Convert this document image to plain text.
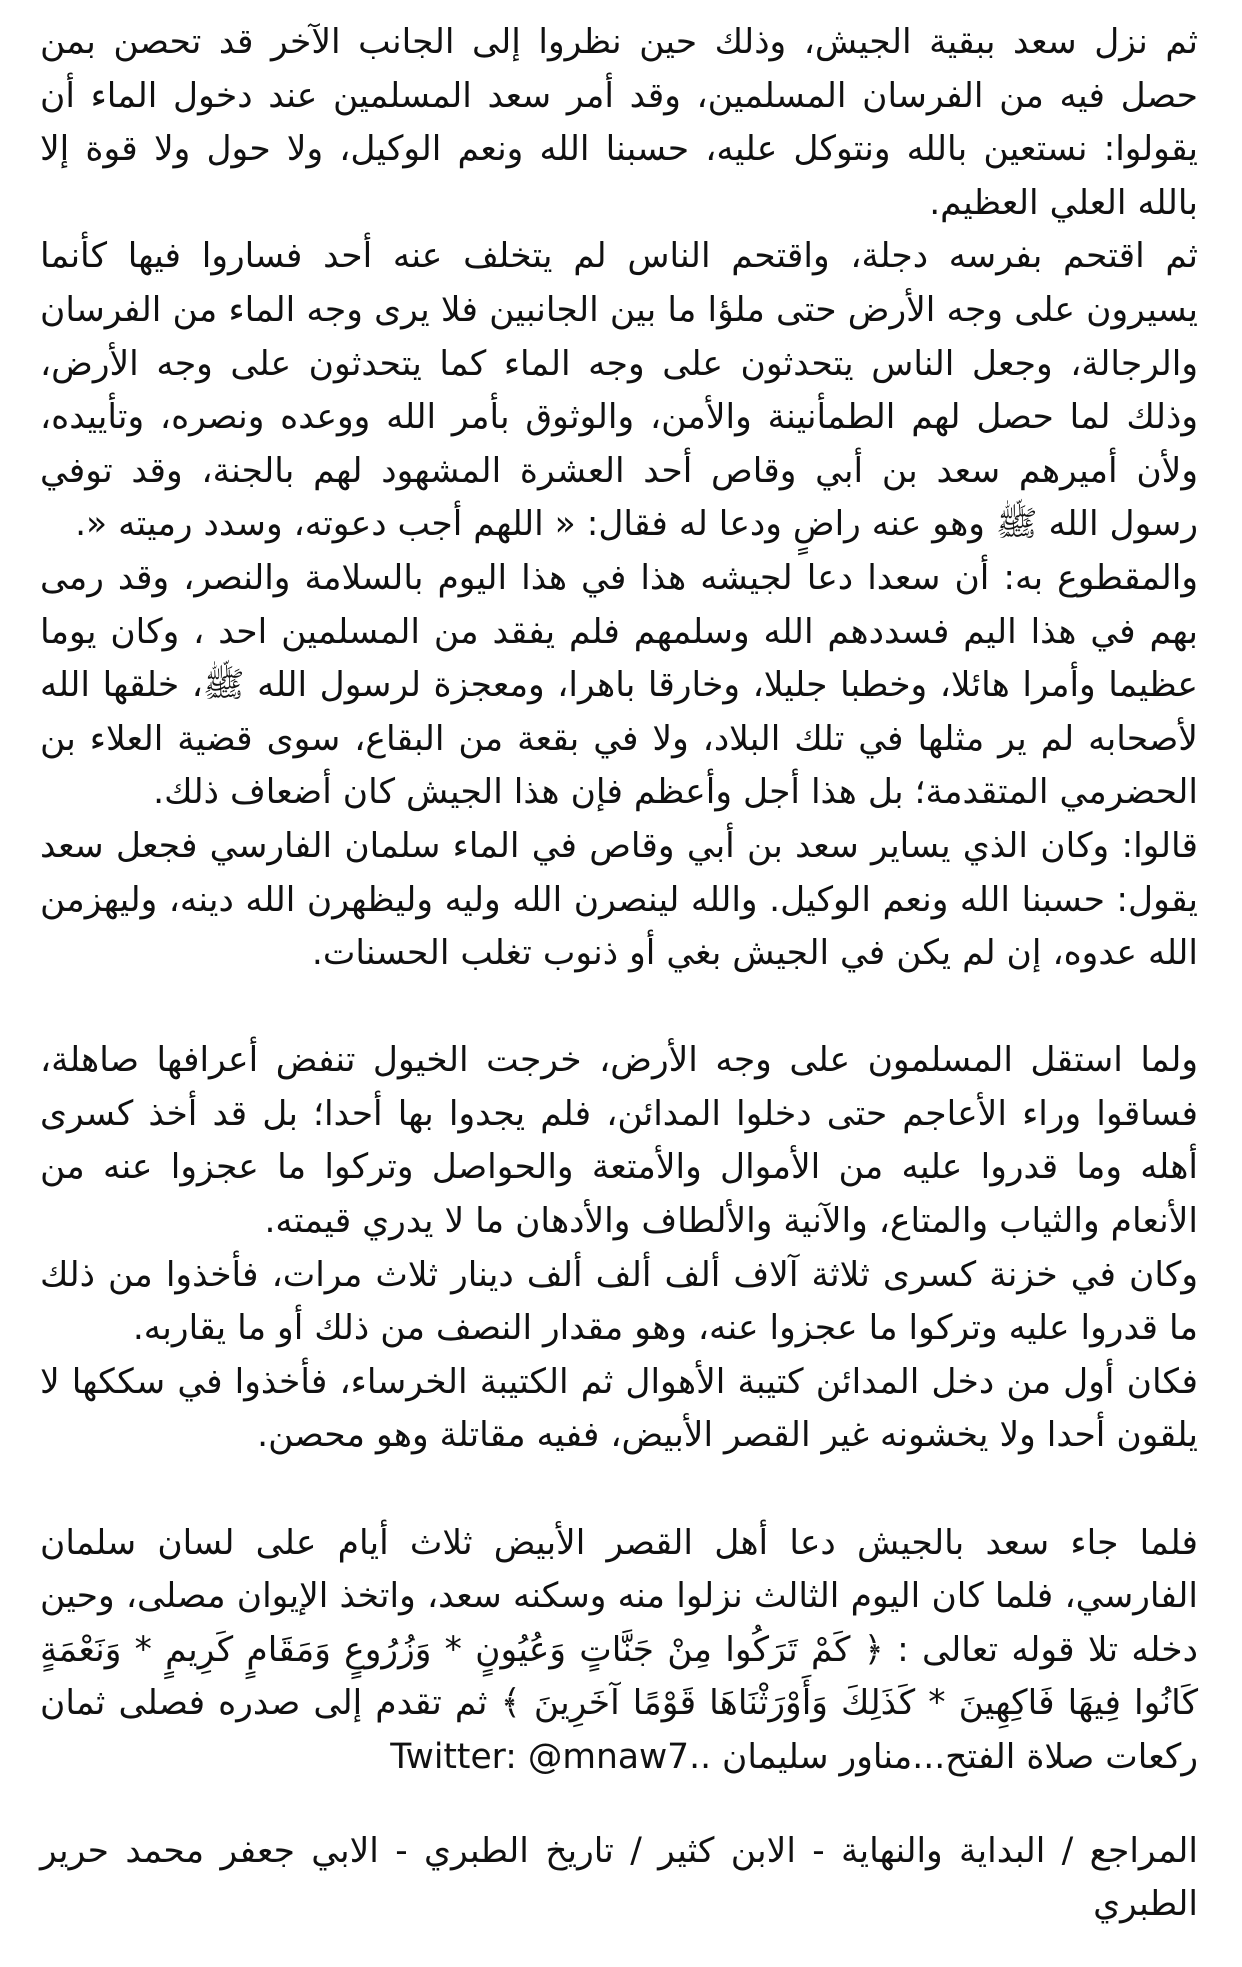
ثم نزل سعد ببقية الجيش، وذلك حين نظروا إلى الجانب الآخر قد تحصن بمن حصل فيه من الفرسان المسلمين، وقد أمر سعد المسلمين عند دخول الماء أن يقولوا: نستعين بالله ونتوكل عليه، حسبنا الله ونعم الوكيل، ولا حول ولا قوة إلا بالله العلي العظيم.

ثم اقتحم بفرسه دجلة، واقتحم الناس لم يتخلف عنه أحد فساروا فيها كأنما يسيرون على وجه الأرض حتى ملؤا ما بين الجانبين فلا يرى وجه الماء من الفرسان والرجالة، وجعل الناس يتحدثون على وجه الماء كما يتحدثون على وجه الأرض، وذلك لما حصل لهم الطمأنينة والأمن، والوثوق بأمر الله ووعده ونصره، وتأييده، ولأن أميرهم سعد بن أبي وقاص أحد العشرة المشهود لهم بالجنة، وقد توفي رسول الله ﷺ وهو عنه راضٍ ودعا له فقال: « اللهم أجب دعوته، وسدد رميته «.

والمقطوع به: أن سعدا دعا لجيشه هذا في هذا اليوم بالسلامة والنصر، وقد رمى بهم في هذا اليم فسددهم الله وسلمهم فلم يفقد من المسلمين احد ، وكان يوما عظيما وأمرا هائلا، وخطبا جليلا، وخارقا باهرا، ومعجزة لرسول الله ﷺ، خلقها الله لأصحابه لم ير مثلها في تلك البلاد، ولا في بقعة من البقاع، سوى قضية العلاء بن الحضرمي المتقدمة؛ بل هذا أجل وأعظم فإن هذا الجيش كان أضعاف ذلك.

قالوا: وكان الذي يساير سعد بن أبي وقاص في الماء سلمان الفارسي فجعل سعد يقول: حسبنا الله ونعم الوكيل. والله لينصرن الله وليه وليظهرن الله دينه، وليهزمن الله عدوه، إن لم يكن في الجيش بغي أو ذنوب تغلب الحسنات.

ولما استقل المسلمون على وجه الأرض، خرجت الخيول تنفض أعرافها صاهلة، فساقوا وراء الأعاجم حتى دخلوا المدائن، فلم يجدوا بها أحدا؛ بل قد أخذ كسرى أهله وما قدروا عليه من الأموال والأمتعة والحواصل وتركوا ما عجزوا عنه من الأنعام والثياب والمتاع، والآنية والألطاف والأدهان ما لا يدري قيمته.

وكان في خزنة كسرى ثلاثة آلاف ألف ألف ألف دينار ثلاث مرات، فأخذوا من ذلك ما قدروا عليه وتركوا ما عجزوا عنه، وهو مقدار النصف من ذلك أو ما يقاربه.

فكان أول من دخل المدائن كتيبة الأهوال ثم الكتيبة الخرساء، فأخذوا في سككها لا يلقون أحدا ولا يخشونه غير القصر الأبيض، ففيه مقاتلة وهو محصن.

فلما جاء سعد بالجيش دعا أهل القصر الأبيض ثلاث أيام على لسان سلمان الفارسي، فلما كان اليوم الثالث نزلوا منه وسكنه سعد، واتخذ الإيوان مصلى، وحين دخله تلا قوله تعالى : ﴿ كَمْ تَرَكُوا مِنْ جَنَّاتٍ وَعُيُونٍ * وَزُرُوعٍ وَمَقَامٍ كَرِيمٍ * وَنَعْمَةٍ كَانُوا فِيهَا فَاكِهِينَ * كَذَلِكَ وَأَوْرَثْنَاهَا قَوْمًا آخَرِينَ ﴾ ثم تقدم إلى صدره فصلى ثمان ركعات صلاة الفتح...مناور سليمان ..Twitter: @mnaw7

المراجع / البداية والنهاية - الابن كثير / تاريخ الطبري - الابي جعفر محمد حرير الطبري
